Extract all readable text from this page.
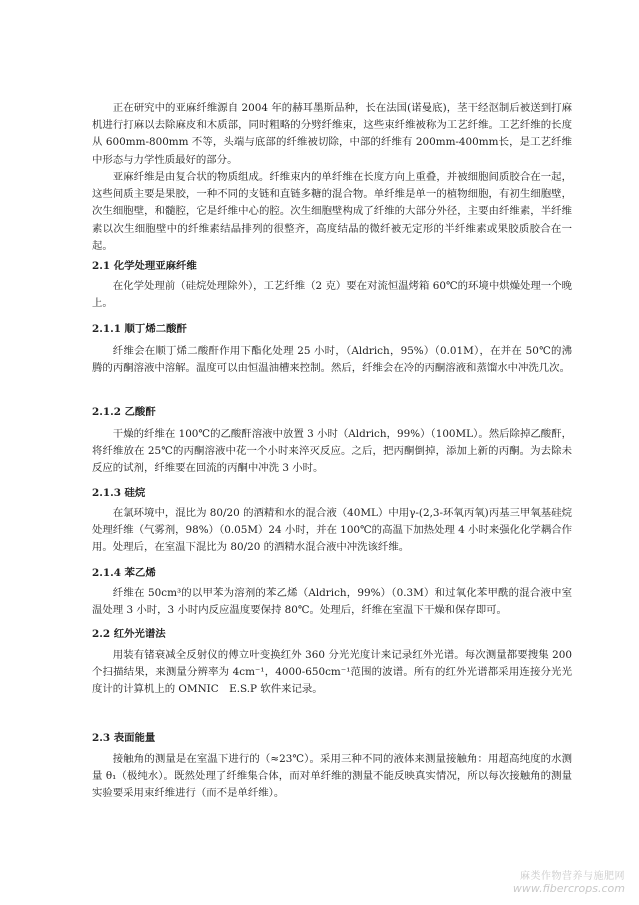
正在研究中的亚麻纤维源自 2004 年的赫耳墨斯品种，长在法国(诺曼底)，茎干经沤制后被送到打麻机进行打麻以去除麻皮和木质部，同时粗略的分劈纤维束，这些束纤维被称为工艺纤维。工艺纤维的长度从 600mm-800mm 不等，头端与底部的纤维被切除，中部的纤维有 200mm-400mm长，是工艺纤维中形态与力学性质最好的部分。

亚麻纤维是由复合状的物质组成。纤维束内的单纤维在长度方向上重叠，并被细胞间质胶合在一起，这些间质主要是果胶，一种不同的支链和直链多糖的混合物。单纤维是单一的植物细胞，有初生细胞壁，次生细胞壁，和髓腔，它是纤维中心的腔。次生细胞壁构成了纤维的大部分外径，主要由纤维素，半纤维素以次生细胞壁中的纤维素结晶排列的很整齐，高度结晶的微纤被无定形的半纤维素或果胶质胶合在一起。

2.1 化学处理亚麻纤维

在化学处理前（硅烷处理除外），工艺纤维（2 克）要在对流恒温烤箱 60℃的环境中烘燥处理一个晚上。

2.1.1 顺丁烯二酸酐

纤维会在顺丁烯二酸酐作用下酯化处理 25 小时，（Aldrich，95%）（0.01M），在并在 50℃的沸腾的丙酮溶液中溶解。温度可以由恒温油槽来控制。然后，纤维会在冷的丙酮溶液和蒸馏水中冲洗几次。

2.1.2 乙酸酐

干燥的纤维在 100℃的乙酸酐溶液中放置 3 小时（Aldrich，99%）（100ML）。然后除掉乙酸酐，将纤维放在 25℃的丙酮溶液中花一个小时来淬灭反应。之后，把丙酮倒掉，添加上新的丙酮。为去除未反应的试剂，纤维要在回流的丙酮中冲洗 3 小时。

2.1.3 硅烷

在氯环境中，混比为 80/20 的酒精和水的混合液（40ML）中用γ-(2,3-环氧丙氧)丙基三甲氧基硅烷处理纤维（气雾剂，98%）（0.05M）24 小时，并在 100℃的高温下加热处理 4 小时来强化化学耦合作用。处理后，在室温下混比为 80/20 的酒精水混合液中冲洗该纤维。

2.1.4 苯乙烯

纤维在 50cm³的以甲苯为溶剂的苯乙烯（Aldrich，99%）（0.3M）和过氧化苯甲酰的混合液中室温处理 3 小时，3 小时内反应温度要保持 80℃。处理后，纤维在室温下干燥和保存即可。

2.2 红外光谱法

用装有锗衰减全反射仪的傅立叶变换红外 360 分光光度计来记录红外光谱。每次测量都要搜集 200 个扫描结果，来测量分辨率为 4cm⁻¹，4000-650cm⁻¹范围的波谱。所有的红外光谱都采用连接分光光度计的计算机上的 OMNIC　E.S.P 软件来记录。

2.3 表面能量

接触角的测量是在室温下进行的（≈23℃）。采用三种不同的液体来测量接触角：用超高纯度的水测量 θ₁（极纯水）。既然处理了纤维集合体，而对单纤维的测量不能反映真实情况，所以每次接触角的测量实验要采用束纤维进行（而不是单纤维）。

麻类作物营养与施肥网
www.fibercrops.com
